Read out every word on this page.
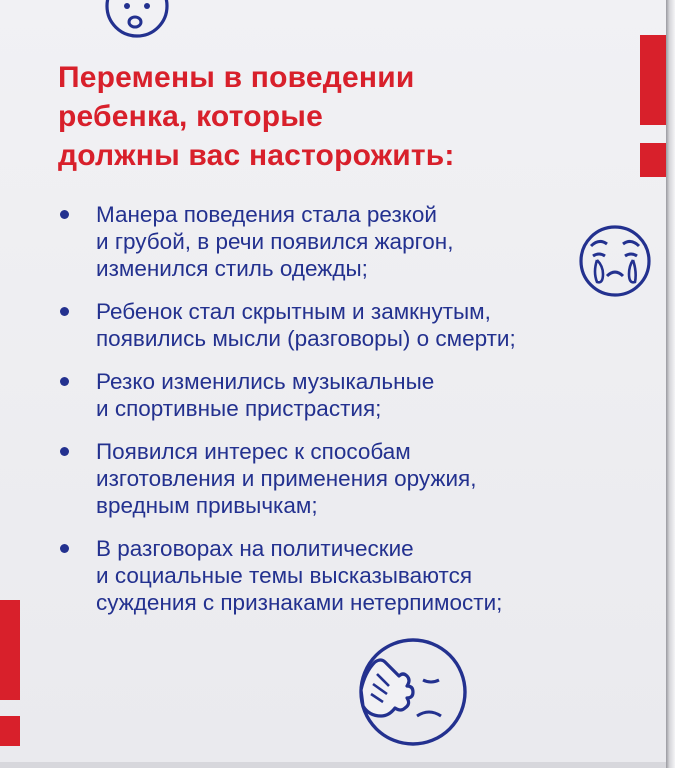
Перемены в поведении
ребенка, которые
должны вас насторожить:
Манера поведения стала резкой
и грубой, в речи появился жаргон,
изменился стиль одежды;
Ребенок стал скрытным и замкнутым,
появились мысли (разговоры) о смерти;
Резко изменились музыкальные
и спортивные пристрастия;
Появился интерес к способам
изготовления и применения оружия,
вредным привычкам;
В разговорах на политические
и социальные темы высказываются
суждения с признаками нетерпимости;
